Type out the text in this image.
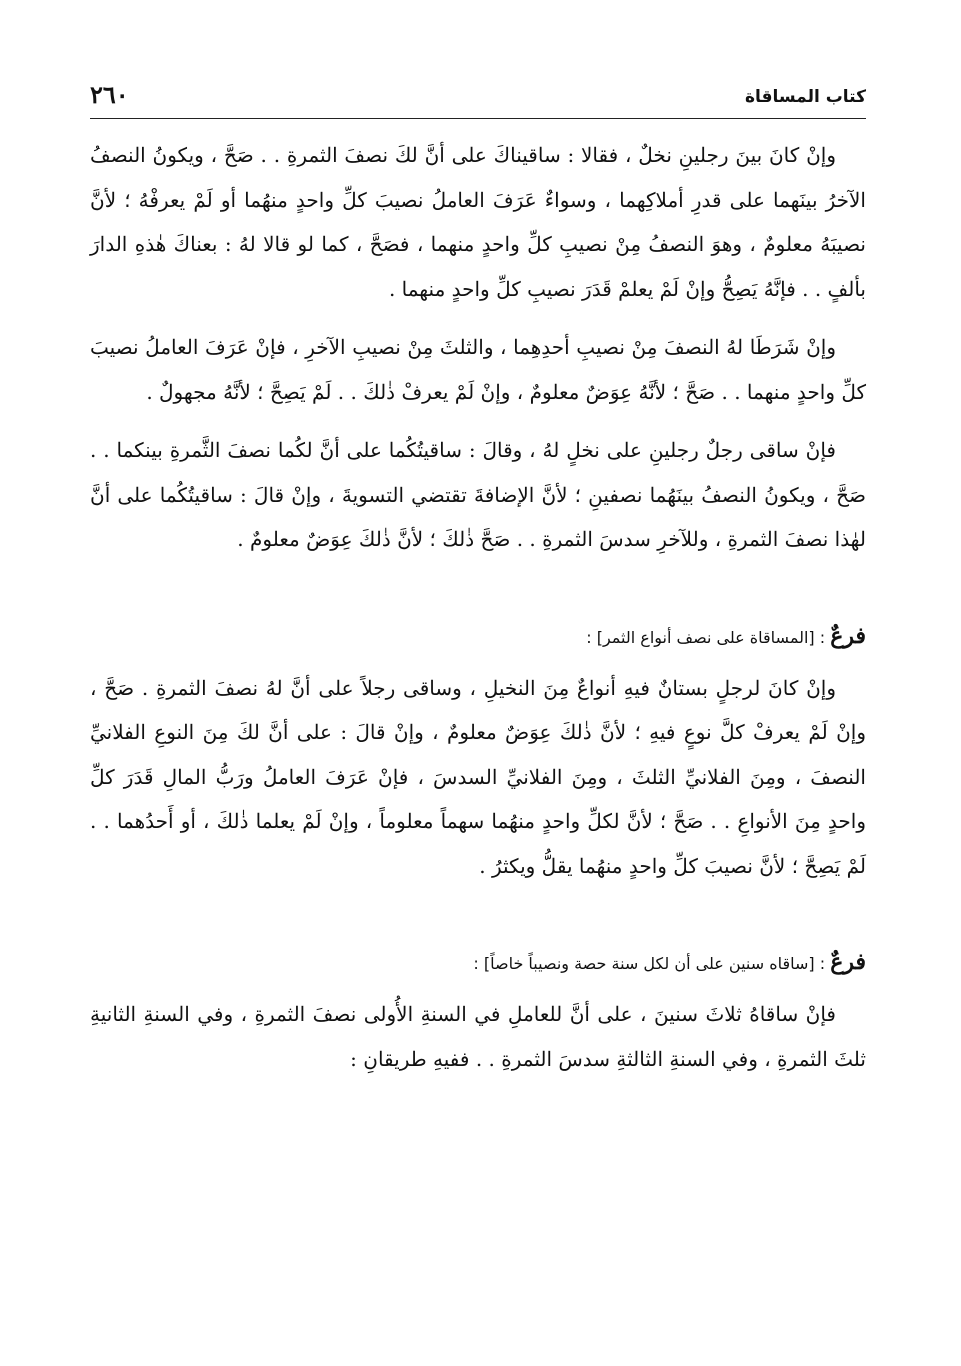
كتاب المساقاة
٢٦٠

وإنْ كانَ بينَ رجلينِ نخلٌ ، فقالا : ساقيناكَ على أنَّ لكَ نصفَ الثمرةِ . . صَحَّ ، ويكونُ النصفُ الآخرُ بينَهما على قدرِ أملاكِهما ، وسواءٌ عَرَفَ العاملُ نصيبَ كلِّ واحدٍ منهُما أو لَمْ يعرفْهُ ؛ لأنَّ نصيبَهُ معلومٌ ، وهوَ النصفُ مِنْ نصيبِ كلِّ واحدٍ منهما ، فصَحَّ ، كما لو قالا لهُ : بعناكَ هٰذهِ الدارَ بألفٍ . . فإنَّهُ يَصِحُّ وإنْ لَمْ يعلمْ قَدَرَ نصيبِ كلِّ واحدٍ منهما .

وإنْ شَرَطَا لهُ النصفَ مِنْ نصيبِ أحدِهِما ، والثلثَ مِنْ نصيبِ الآخرِ ، فإنْ عَرَفَ العاملُ نصيبَ كلِّ واحدٍ منهما . . صَحَّ ؛ لأنَّهُ عِوَضٌ معلومٌ ، وإنْ لَمْ يعرفْ ذٰلكَ . . لَمْ يَصِحَّ ؛ لأنَّهُ مجهولٌ .

فإنْ ساقى رجلٌ رجلينِ على نخلٍ لهُ ، وقالَ : ساقيتُكُما على أنَّ لكُما نصفَ الثَّمرةِ بينكما . . صَحَّ ، ويكونُ النصفُ بينَهُما نصفينِ ؛ لأنَّ الإضافةَ تقتضي التسويةَ ، وإنْ قالَ : ساقيتُكُما على أنَّ لهٰذا نصفَ الثمرةِ ، وللآخرِ سدسَ الثمرةِ . . صَحَّ ذٰلكَ ؛ لأنَّ ذٰلكَ عِوَضٌ معلومٌ .

فرعٌ : [المساقاة على نصف أنواع الثمر] :

وإنْ كانَ لرجلٍ بستانٌ فيهِ أنواعٌ مِنَ النخيلِ ، وساقى رجلاً على أنَّ لهُ نصفَ الثمرةِ . صَحَّ ، وإنْ لَمْ يعرفْ كلَّ نوعٍ فيهِ ؛ لأنَّ ذٰلكَ عِوَضٌ معلومٌ ، وإنْ قالَ : على أنَّ لكَ مِنَ النوعِ الفلانيِّ النصفَ ، ومِنَ الفلانيِّ الثلثَ ، ومِنَ الفلانيِّ السدسَ ، فإنْ عَرَفَ العاملُ ورَبُّ المالِ قَدَرَ كلِّ واحدٍ مِنَ الأنواعِ . . صَحَّ ؛ لأنَّ لكلِّ واحدٍ منهُما سهماً معلوماً ، وإنْ لَمْ يعلما ذٰلكَ ، أو أَحدُهما . . لَمْ يَصِحَّ ؛ لأنَّ نصيبَ كلِّ واحدٍ منهُما يقلُّ ويكثرُ .

فرعٌ : [ساقاه سنين على أن لكل سنة حصة ونصيباً خاصاً] :

فإنْ ساقاهُ ثلاثَ سنينَ ، على أنَّ للعاملِ في السنةِ الأُولى نصفَ الثمرةِ ، وفي السنةِ الثانيةِ ثلثَ الثمرةِ ، وفي السنةِ الثالثةِ سدسَ الثمرةِ . . ففيهِ طريقانِ :
